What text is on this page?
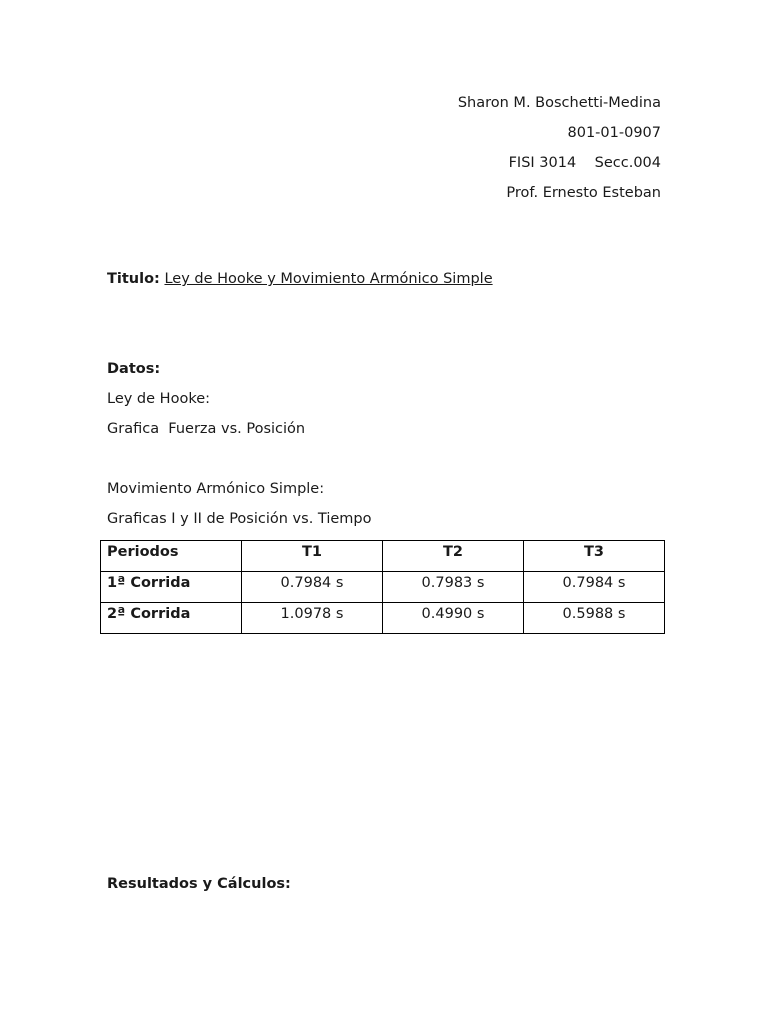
Sharon M. Boschetti-Medina
801-01-0907
FISI 3014    Secc.004
Prof. Ernesto Esteban
Titulo: Ley de Hooke y Movimiento Armónico Simple
Datos:
Ley de Hooke:
Grafica  Fuerza vs. Posición
Movimiento Armónico Simple:
Graficas I y II de Posición vs. Tiempo
Periodos	T1	T2	T3
1ª Corrida	0.7984 s	0.7983 s	0.7984 s
2ª Corrida	1.0978 s	0.4990 s	0.5988 s
Resultados y Cálculos:
